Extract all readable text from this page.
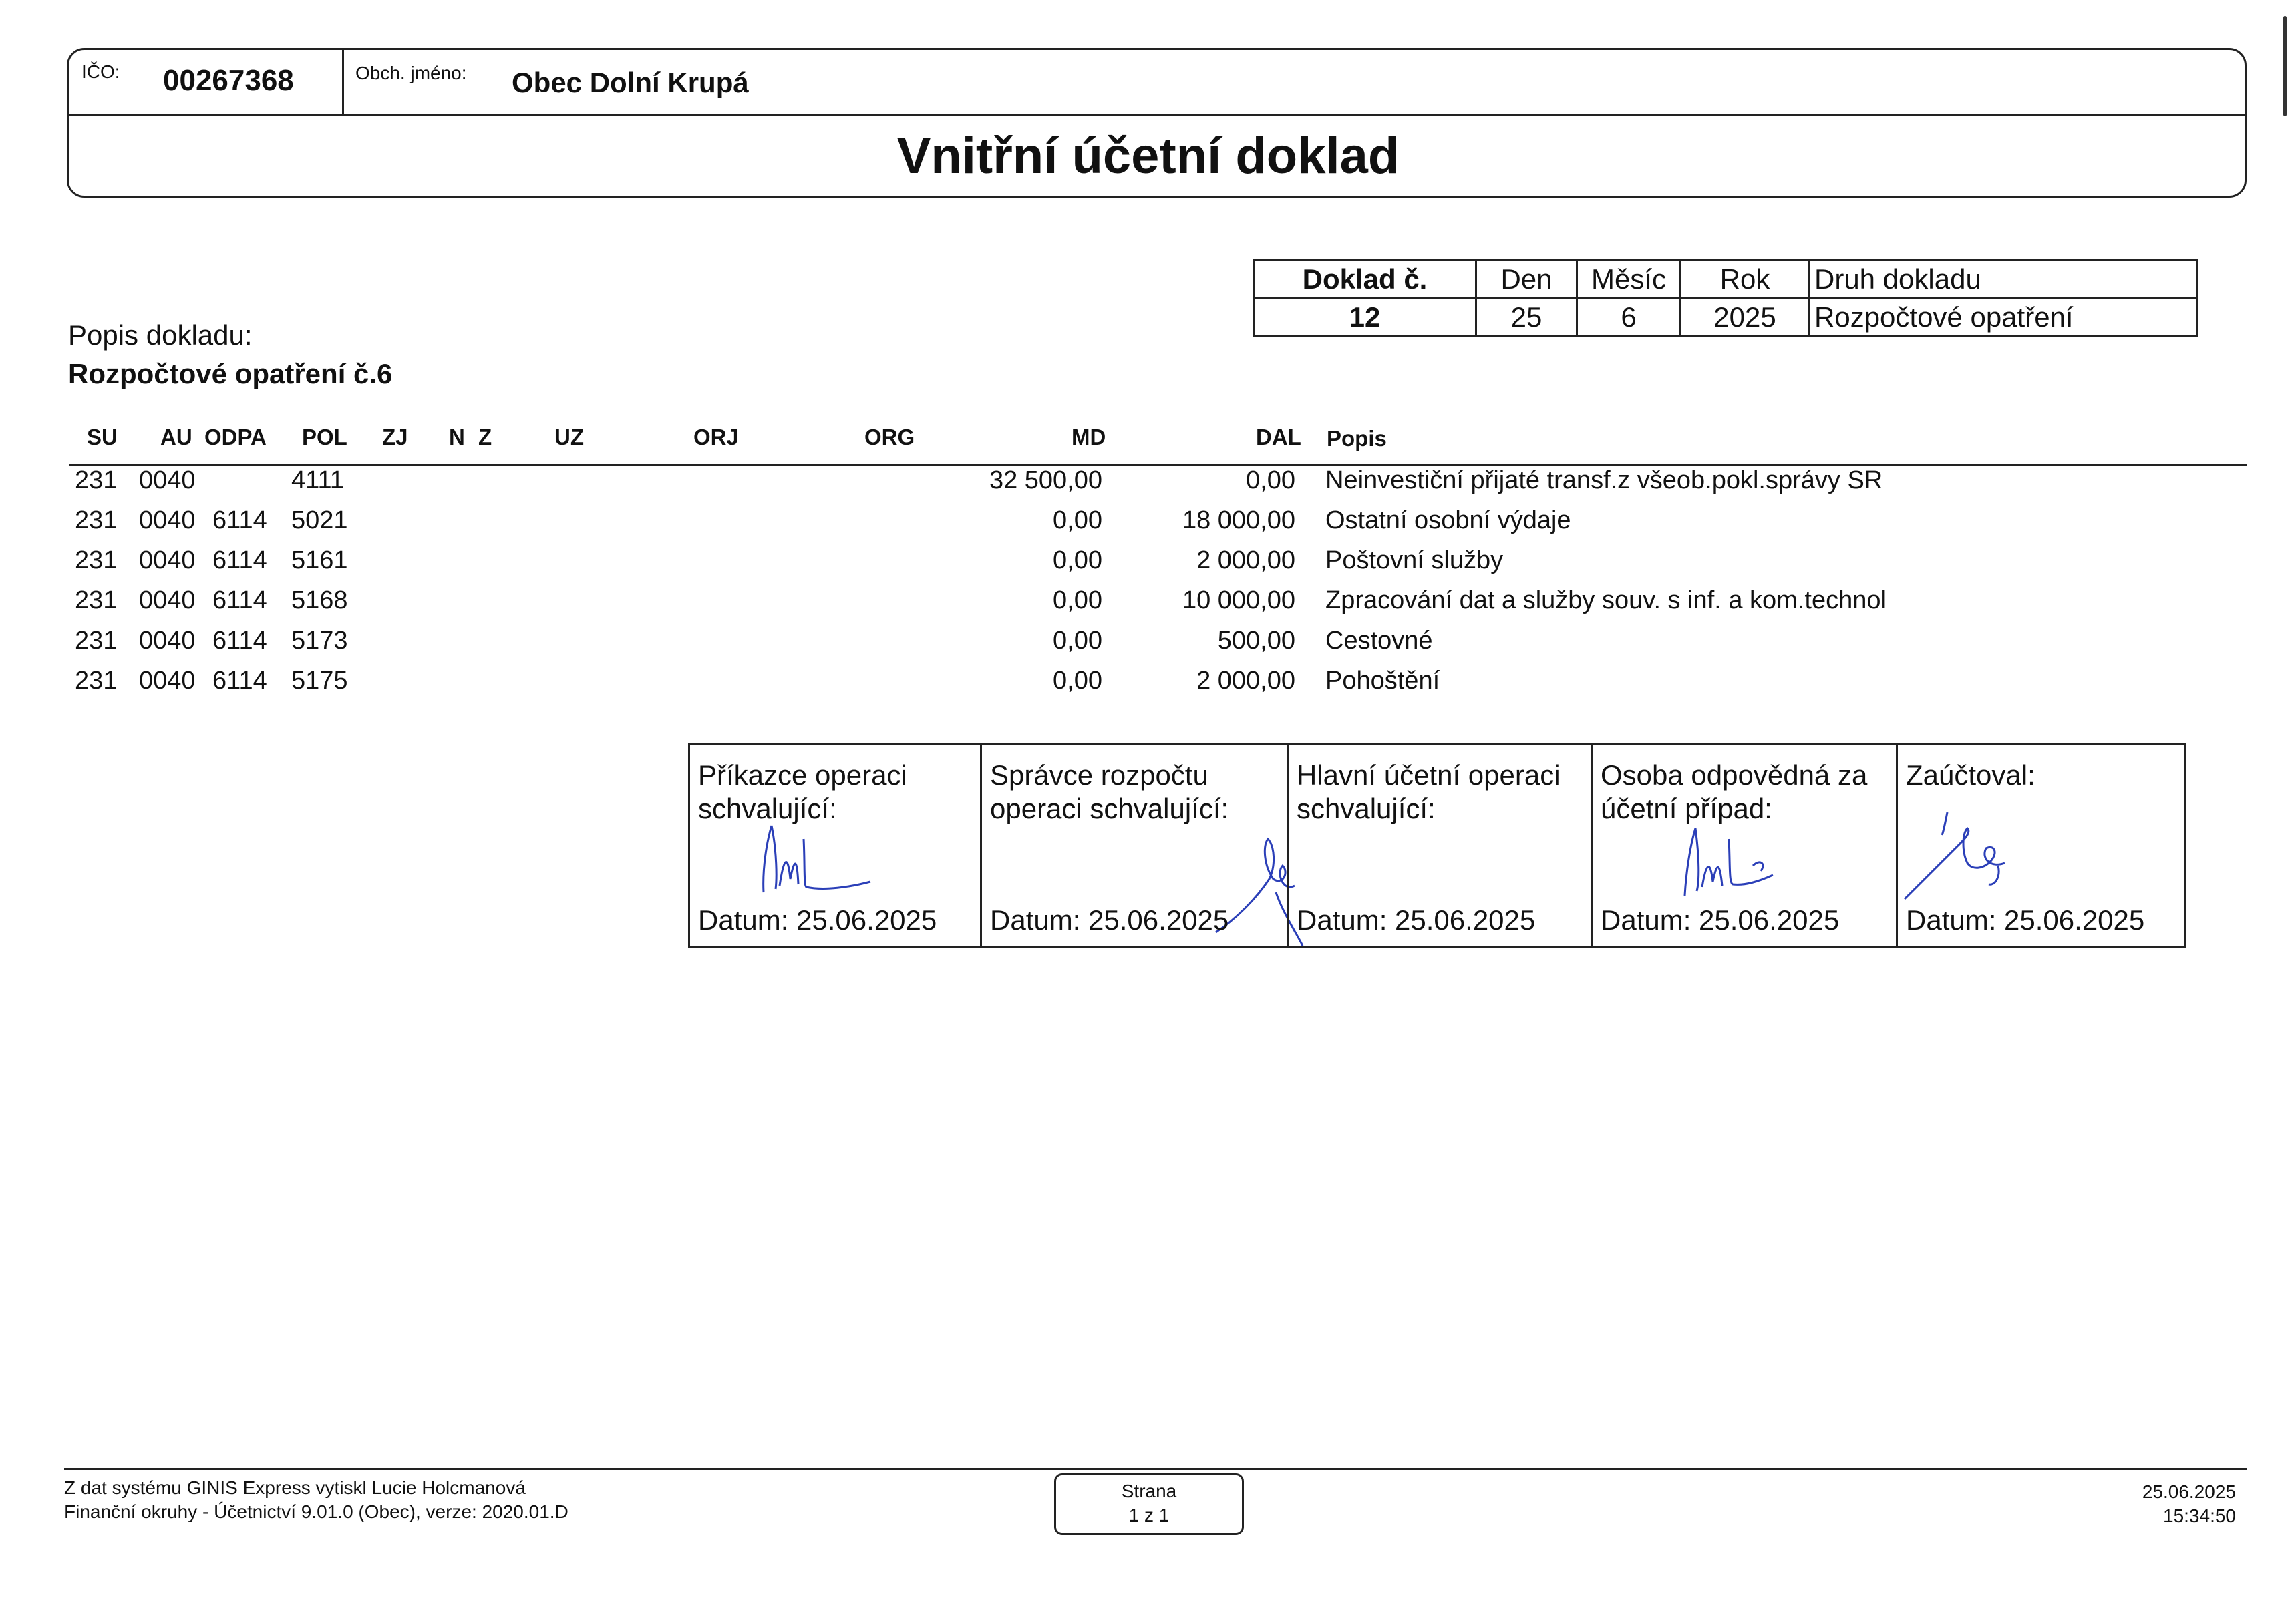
IČO: 00267368	Obch. jméno: Obec Dolní Krupá
Vnitřní účetní doklad
Doklad č.	Den	Měsíc	Rok	Druh dokladu
12	25	6	2025	Rozpočtové opatření
Popis dokladu:
Rozpočtové opatření č.6
SU AU ODPA POL ZJ N Z	UZ	ORJ	ORG	MD	DAL Popis
231 0040	4111	32 500,00	0,00 Neinvestiční přijaté transf.z všeob.pokl.správy SR
231 0040 6114 5021	0,00	18 000,00 Ostatní osobní výdaje
231 0040 6114 5161	0,00	2 000,00 Poštovní služby
231 0040 6114 5168	0,00	10 000,00 Zpracování dat a služby souv. s inf. a kom.technol
231 0040 6114 5173	0,00	500,00 Cestovné
231 0040 6114 5175	0,00	2 000,00 Pohoštění
Příkazce operaci
schvalující:
Datum: 25.06.2025
Správce rozpočtu
operaci schvalující:
Datum: 25.06.2025
Hlavní účetní operaci
schvalující:
Datum: 25.06.2025
Osoba odpovědná za
účetní případ:
Datum: 25.06.2025
Zaúčtoval:
Datum: 25.06.2025
Z dat systému GINIS Express vytiskl Lucie Holcmanová
Finanční okruhy - Účetnictví 9.01.0 (Obec), verze: 2020.01.D
Strana
1 z 1
25.06.2025
15:34:50
